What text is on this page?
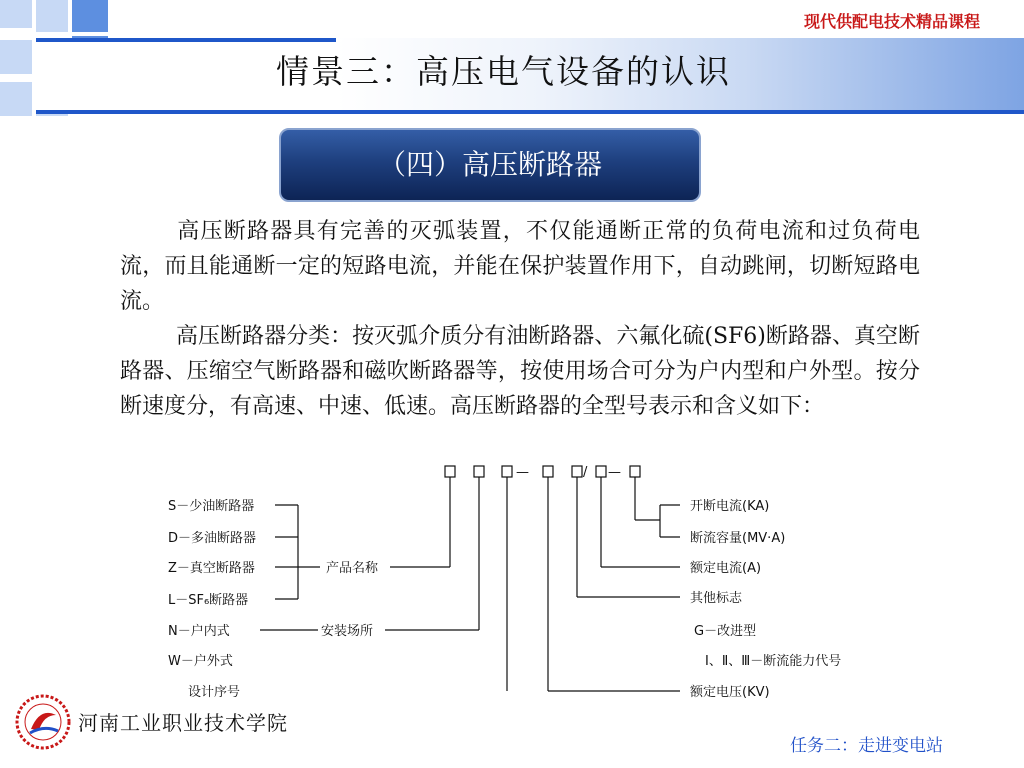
现代供配电技术精品课程
情景三：高压电气设备的认识
（四）高压断路器
高压断路器具有完善的灭弧装置，不仅能通断正常的负荷电流和过负荷电流，而且能通断一定的短路电流，并能在保护装置作用下，自动跳闸，切断短路电流。
高压断路器分类：按灭弧介质分有油断路器、六氟化硫(SF6)断路器、真空断路器、压缩空气断路器和磁吹断路器等，按使用场合可分为户内型和户外型。按分断速度分，有高速、中速、低速。高压断路器的全型号表示和含义如下：
—	/ —
S－少油断路器
D－多油断路器
Z－真空断路器
L－SF₆断路器
N－户内式
W－户外式
设计序号
产品名称
安装场所
开断电流(KA)
断流容量(MV·A)
额定电流(A)
其他标志
G－改进型
Ⅰ、Ⅱ、Ⅲ－断流能力代号
额定电压(KV)
河南工业职业技术学院
任务二：走进变电站
